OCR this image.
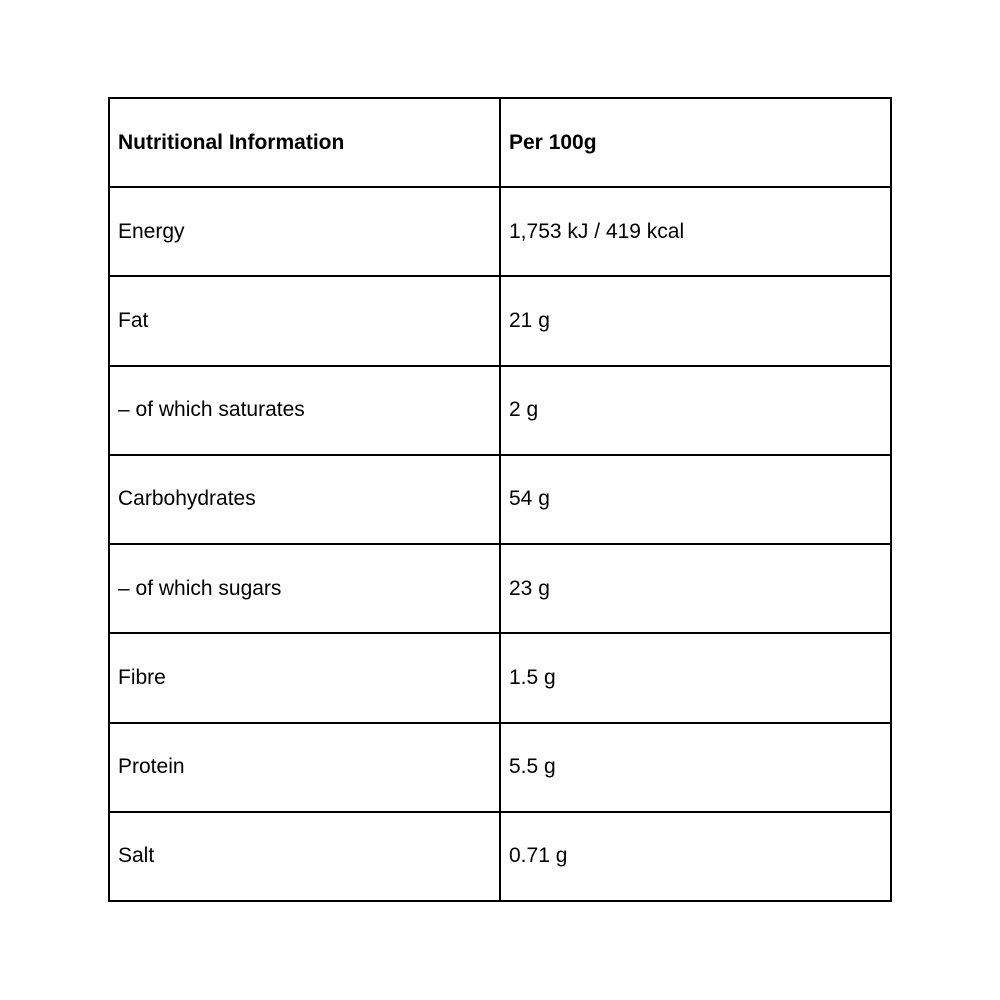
Nutritional Information	Per 100g
Energy	1,753 kJ / 419 kcal
Fat	21 g
– of which saturates	2 g
Carbohydrates	54 g
– of which sugars	23 g
Fibre	1.5 g
Protein	5.5 g
Salt	0.71 g
